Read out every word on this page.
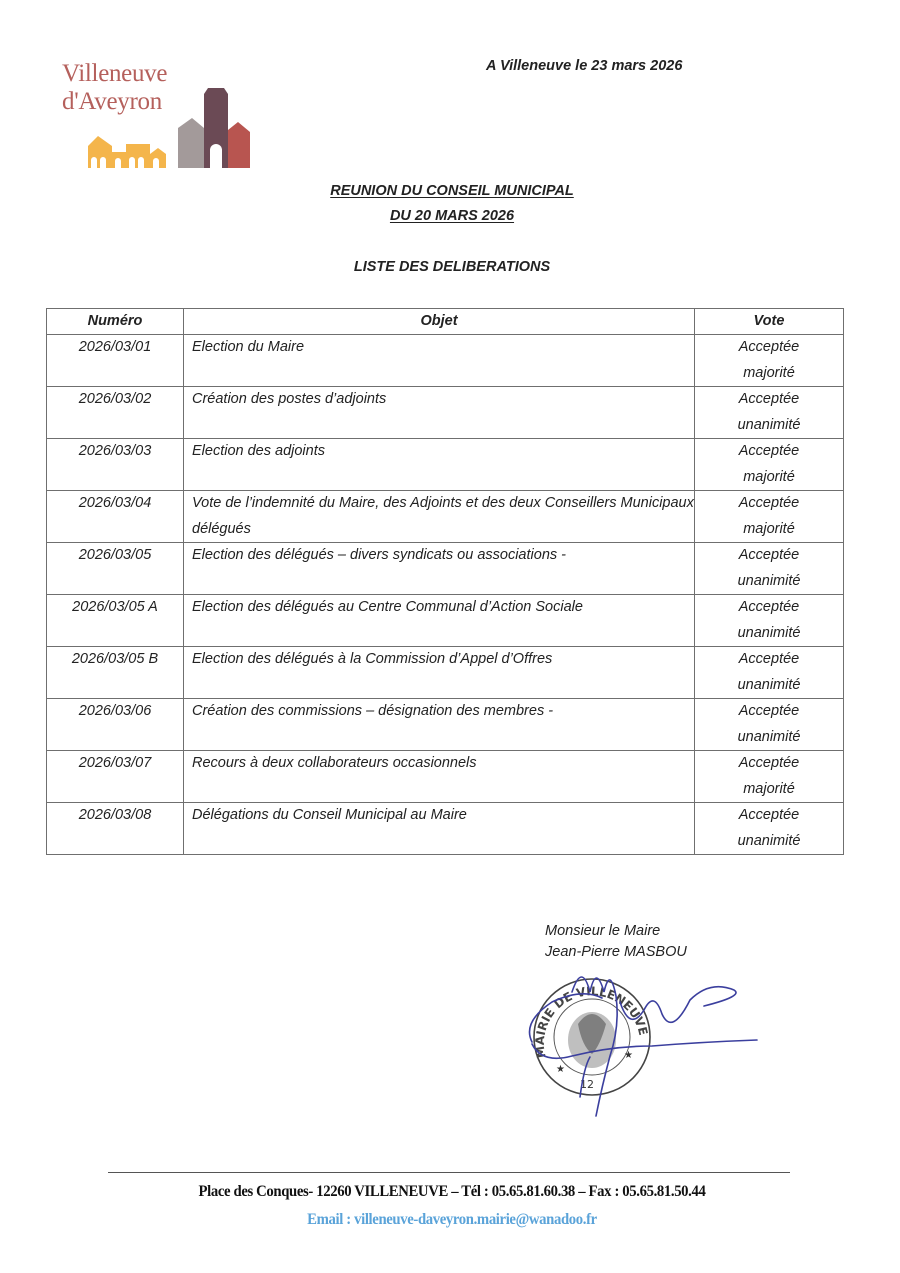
Villeneuve
d'Aveyron
A Villeneuve le 23 mars 2026
REUNION DU CONSEIL MUNICIPAL
DU 20 MARS 2026
LISTE DES DELIBERATIONS
Numéro	Objet	Vote
2026/03/01	Election du Maire	Acceptée
majorité

2026/03/02	Création des postes d’adjoints	Acceptée
unanimité

2026/03/03	Election des adjoints	Acceptée
majorité

2026/03/04	Vote de l’indemnité du Maire, des Adjoints et des deux Conseillers Municipaux délégués	Acceptée
majorité

2026/03/05	Election des délégués – divers syndicats ou associations -	Acceptée
unanimité

2026/03/05 A	Election des délégués au Centre Communal d’Action Sociale	Acceptée
unanimité

2026/03/05 B	Election des délégués à la Commission d’Appel d’Offres	Acceptée
unanimité

2026/03/06	Création des commissions – désignation des membres -	Acceptée
unanimité

2026/03/07	Recours à deux collaborateurs occasionnels	Acceptée
majorité

2026/03/08	Délégations du Conseil Municipal au Maire	Acceptée
unanimité
Monsieur le Maire
Jean-Pierre MASBOU
MAIRIE DE VILLENEUVE
★
★
12
Place des Conques- 12260 VILLENEUVE – Tél : 05.65.81.60.38 – Fax : 05.65.81.50.44
Email : villeneuve-daveyron.mairie@wanadoo.fr
